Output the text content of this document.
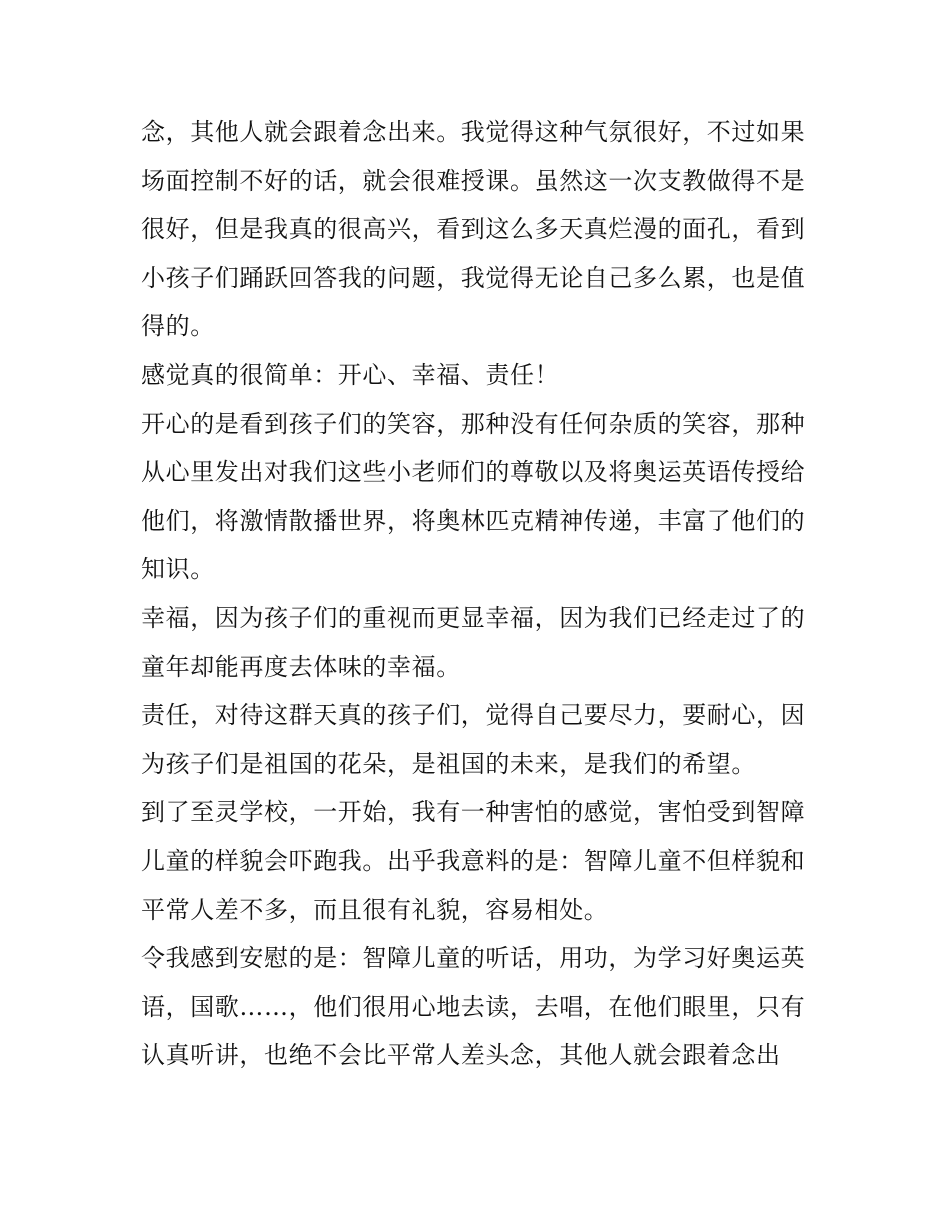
念，其他人就会跟着念出来。我觉得这种气氛很好，不过如果
场面控制不好的话，就会很难授课。虽然这一次支教做得不是
很好，但是我真的很高兴，看到这么多天真烂漫的面孔，看到
小孩子们踊跃回答我的问题，我觉得无论自己多么累，也是值
得的。

感觉真的很简单：开心、幸福、责任！

开心的是看到孩子们的笑容，那种没有任何杂质的笑容，那种
从心里发出对我们这些小老师们的尊敬以及将奥运英语传授给
他们，将激情散播世界，将奥林匹克精神传递，丰富了他们的
知识。

幸福，因为孩子们的重视而更显幸福，因为我们已经走过了的
童年却能再度去体味的幸福。

责任，对待这群天真的孩子们，觉得自己要尽力，要耐心，因
为孩子们是祖国的花朵，是祖国的未来，是我们的希望。

到了至灵学校，一开始，我有一种害怕的感觉，害怕受到智障
儿童的样貌会吓跑我。出乎我意料的是：智障儿童不但样貌和
平常人差不多，而且很有礼貌，容易相处。

令我感到安慰的是：智障儿童的听话，用功，为学习好奥运英
语，国歌……，他们很用心地去读，去唱，在他们眼里，只有
认真听讲，也绝不会比平常人差头念，其他人就会跟着念出
